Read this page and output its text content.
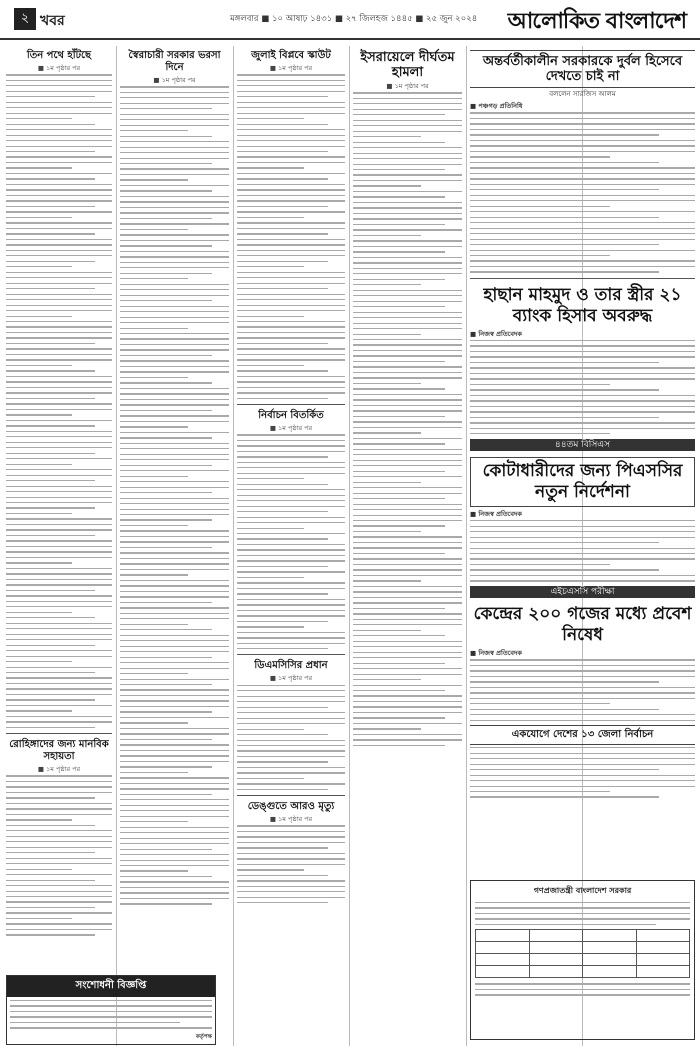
২ খবর	মঙ্গলবার ■ ১০ আষাঢ় ১৪৩১ ■ ২৭ জিলহজ ১৪৪৫ ■ ২৫ জুন ২০২৪ আলোকিত বাংলাদেশ
তিন পথে হাঁটছে
■ ১ম পৃষ্ঠার পর
রোহিঙ্গাদের জন্য মানবিক সহায়তা
■ ১ম পৃষ্ঠার পর
স্বৈরাচারী সরকার ভরসা দিনে
■ ১ম পৃষ্ঠার পর
জুলাই বিপ্লবে স্কাউট
■ ১ম পৃষ্ঠার পর
নির্বাচন বিতর্কিত
■ ১ম পৃষ্ঠার পর
ডিএমসিসির প্রধান
■ ১ম পৃষ্ঠার পর
ডেঙ্গুতে আরও মৃত্যু
■ ১ম পৃষ্ঠার পর
ইসরায়েলে দীর্ঘতম হামলা
■ ১ম পৃষ্ঠার পর
অন্তর্বর্তীকালীন সরকারকে দুর্বল হিসেবে দেখতে চাই না
বললেন সারজিস আলম
■ পঞ্চগড় প্রতিনিধি
হাছান মাহমুদ ও তার স্ত্রীর ২১ ব্যাংক হিসাব অবরুদ্ধ
■ নিজস্ব প্রতিবেদক
৪৪তম বিসিএস
কোটাধারীদের জন্য পিএসসির নতুন নির্দেশনা
■ নিজস্ব প্রতিবেদক
এইচএসসি পরীক্ষা
কেন্দ্রের ২০০ গজের মধ্যে প্রবেশ নিষেধ
■ নিজস্ব প্রতিবেদক
একযোগে দেশের ১৩ জেলা নির্বাচন
সংশোধনী বিজ্ঞপ্তি
কর্তৃপক্ষ
গণপ্রজাতন্ত্রী বাংলাদেশ সরকার
